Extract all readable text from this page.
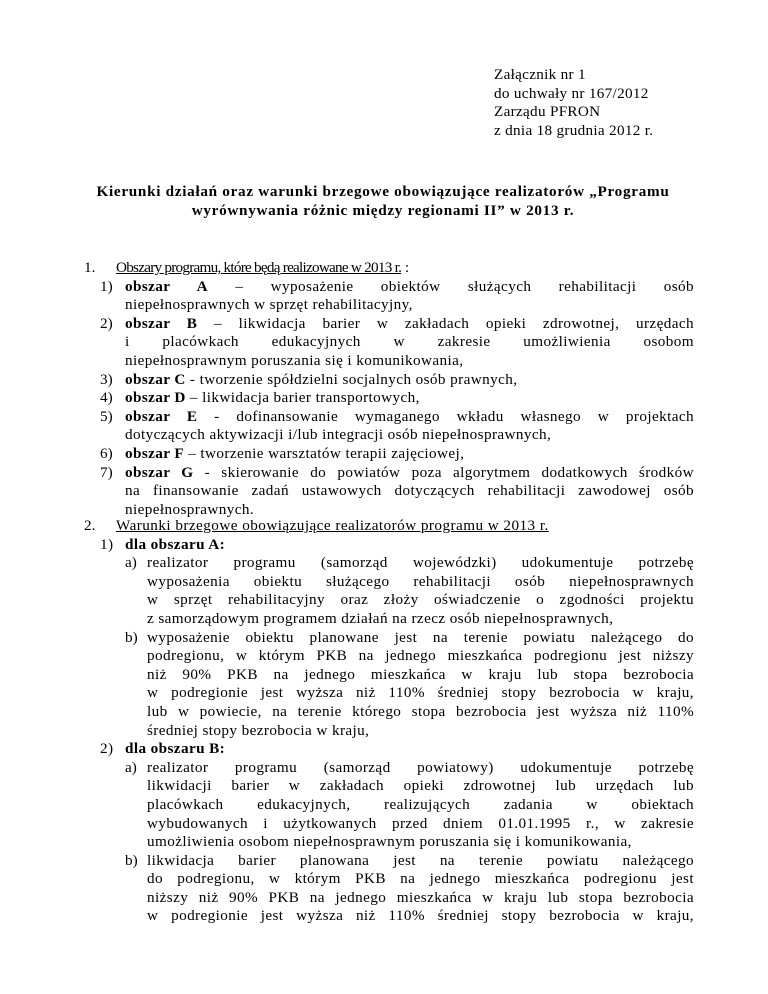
Załącznik nr 1
do uchwały nr 167/2012
Zarządu PFRON
z dnia 18 grudnia 2012 r.
Kierunki działań oraz warunki brzegowe obowiązujące realizatorów „Programu
wyrównywania różnic między regionami II” w 2013 r.
1. Obszary programu, które będą realizowane w 2013 r. :
1) obszar A – wyposażenie obiektów służących rehabilitacji osób
niepełnosprawnych w sprzęt rehabilitacyjny,
2) obszar B – likwidacja barier w zakładach opieki zdrowotnej, urzędach
i placówkach edukacyjnych w zakresie umożliwienia osobom
niepełnosprawnym poruszania się i komunikowania,
3) obszar C - tworzenie spółdzielni socjalnych osób prawnych,
4) obszar D – likwidacja barier transportowych,
5) obszar E - dofinansowanie wymaganego wkładu własnego w projektach
dotyczących aktywizacji i/lub integracji osób niepełnosprawnych,
6) obszar F – tworzenie warsztatów terapii zajęciowej,
7) obszar G - skierowanie do powiatów poza algorytmem dodatkowych środków
na finansowanie zadań ustawowych dotyczących rehabilitacji zawodowej osób
niepełnosprawnych.
2. Warunki brzegowe obowiązujące realizatorów programu w 2013 r.
1) dla obszaru A:
a) realizator programu (samorząd wojewódzki) udokumentuje potrzebę
wyposażenia obiektu służącego rehabilitacji osób niepełnosprawnych
w sprzęt rehabilitacyjny oraz złoży oświadczenie o zgodności projektu
z samorządowym programem działań na rzecz osób niepełnosprawnych,
b) wyposażenie obiektu planowane jest na terenie powiatu należącego do
podregionu, w którym PKB na jednego mieszkańca podregionu jest niższy
niż 90% PKB na jednego mieszkańca w kraju lub stopa bezrobocia
w podregionie jest wyższa niż 110% średniej stopy bezrobocia w kraju,
lub w powiecie, na terenie którego stopa bezrobocia jest wyższa niż 110%
średniej stopy bezrobocia w kraju,
2) dla obszaru B:
a) realizator programu (samorząd powiatowy) udokumentuje potrzebę
likwidacji barier w zakładach opieki zdrowotnej lub urzędach lub
placówkach edukacyjnych, realizujących zadania w obiektach
wybudowanych i użytkowanych przed dniem 01.01.1995 r., w zakresie
umożliwienia osobom niepełnosprawnym poruszania się i komunikowania,
b) likwidacja barier planowana jest na terenie powiatu należącego
do podregionu, w którym PKB na jednego mieszkańca podregionu jest
niższy niż 90% PKB na jednego mieszkańca w kraju lub stopa bezrobocia
w podregionie jest wyższa niż 110% średniej stopy bezrobocia w kraju,
